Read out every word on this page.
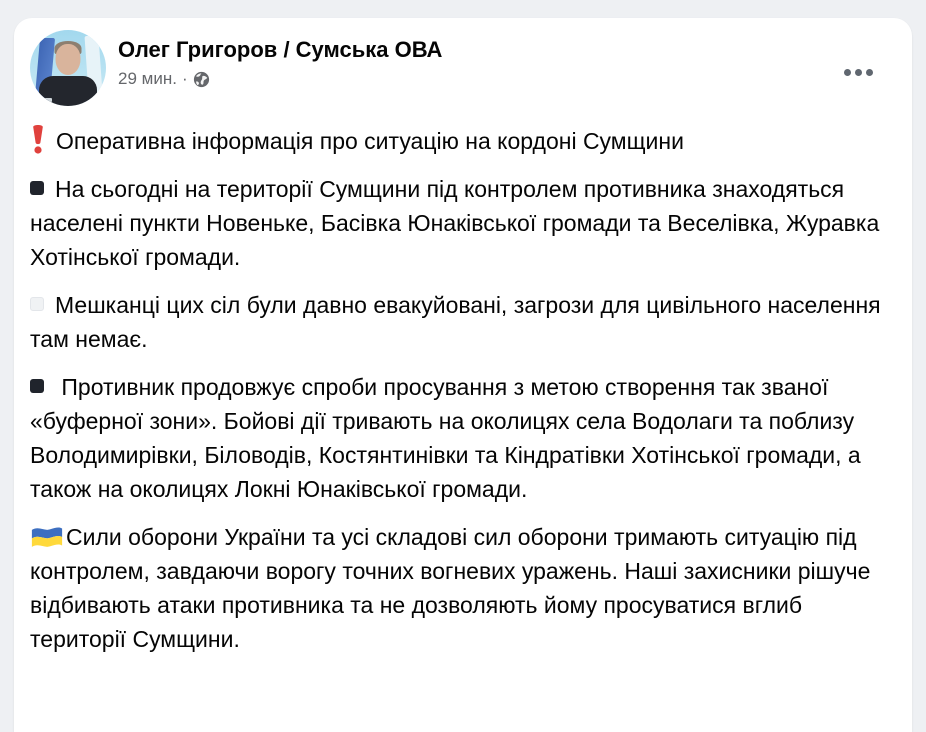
Олег Григоров / Сумська ОВА
29 мин. ·

Оперативна інформація про ситуацію на кордоні Сумщини

На сьогодні на території Сумщини під контролем противника знаходяться населені пункти Новеньке, Басівка Юнаківської громади та Веселівка, Журавка Хотінської громади.

Мешканці цих сіл були давно евакуйовані, загрози для цивільного населення там немає.

Противник продовжує спроби просування з метою створення так званої «буферної зони». Бойові дії тривають на околицях села Водолаги та поблизу Володимирівки, Біловодів, Костянтинівки та Кіндратівки Хотінської громади, а також на околицях Локні Юнаківської громади.

Сили оборони України та усі складові сил оборони тримають ситуацію під контролем, завдаючи ворогу точних вогневих уражень. Наші захисники рішуче відбивають атаки противника та не дозволяють йому просуватися вглиб території Сумщини.
